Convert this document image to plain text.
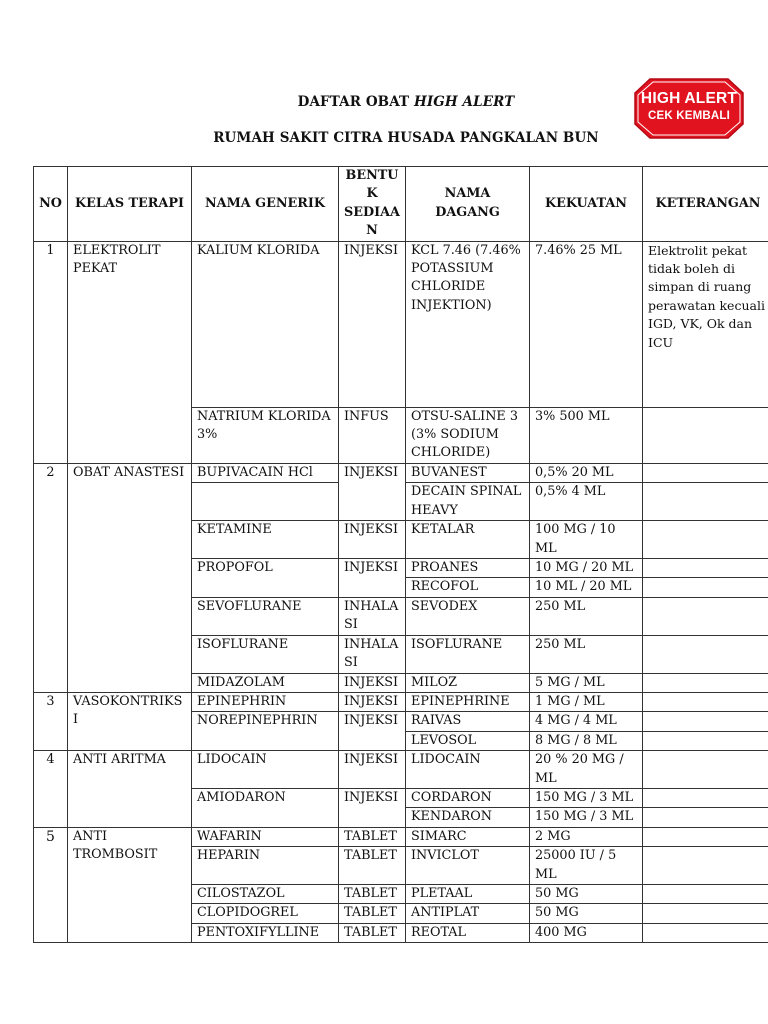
DAFTAR OBAT HIGH ALERT
RUMAH SAKIT CITRA HUSADA PANGKALAN BUN
HIGH ALERT
CEK KEMBALI
NO	KELAS TERAPI	NAMA GENERIK	BENTUK SEDIAAN	NAMA DAGANG	KEKUATAN	KETERANGAN
1	ELEKTROLIT PEKAT	KALIUM KLORIDA	INJEKSI	KCL 7.46 (7.46% POTASSIUM CHLORIDE INJEKTION)	7.46% 25 ML	Elektrolit pekat tidak boleh di simpan di ruang perawatan kecuali IGD, VK, Ok dan ICU
		NATRIUM KLORIDA 3%	INFUS	OTSU-SALINE 3 (3% SODIUM CHLORIDE)	3% 500 ML	
2	OBAT ANASTESI	BUPIVACAIN HCl	INJEKSI	BUVANEST	0,5% 20 ML	
				DECAIN SPINAL HEAVY	0,5% 4 ML	
		KETAMINE	INJEKSI	KETALAR	100 MG / 10 ML	
		PROPOFOL	INJEKSI	PROANES	10 MG / 20 ML	
				RECOFOL	10 ML / 20 ML	
		SEVOFLURANE	INHALASI	SEVODEX	250 ML	
		ISOFLURANE	INHALASI	ISOFLURANE	250 ML	
		MIDAZOLAM	INJEKSI	MILOZ	5 MG / ML	
3	VASOKONTRIKSI	EPINEPHRIN	INJEKSI	EPINEPHRINE	1 MG / ML	
		NOREPINEPHRIN	INJEKSI	RAIVAS	4 MG / 4 ML	
				LEVOSOL	8 MG / 8 ML	
4	ANTI ARITMA	LIDOCAIN	INJEKSI	LIDOCAIN	20 % 20 MG / ML	
		AMIODARON	INJEKSI	CORDARON	150 MG / 3 ML	
				KENDARON	150 MG / 3 ML	
5	ANTI TROMBOSIT	WAFARIN	TABLET	SIMARC	2 MG	
		HEPARIN	TABLET	INVICLOT	25000 IU / 5 ML	
		CILOSTAZOL	TABLET	PLETAAL	50 MG	
		CLOPIDOGREL	TABLET	ANTIPLAT	50 MG	
		PENTOXIFYLLINE	TABLET	REOTAL	400 MG	
